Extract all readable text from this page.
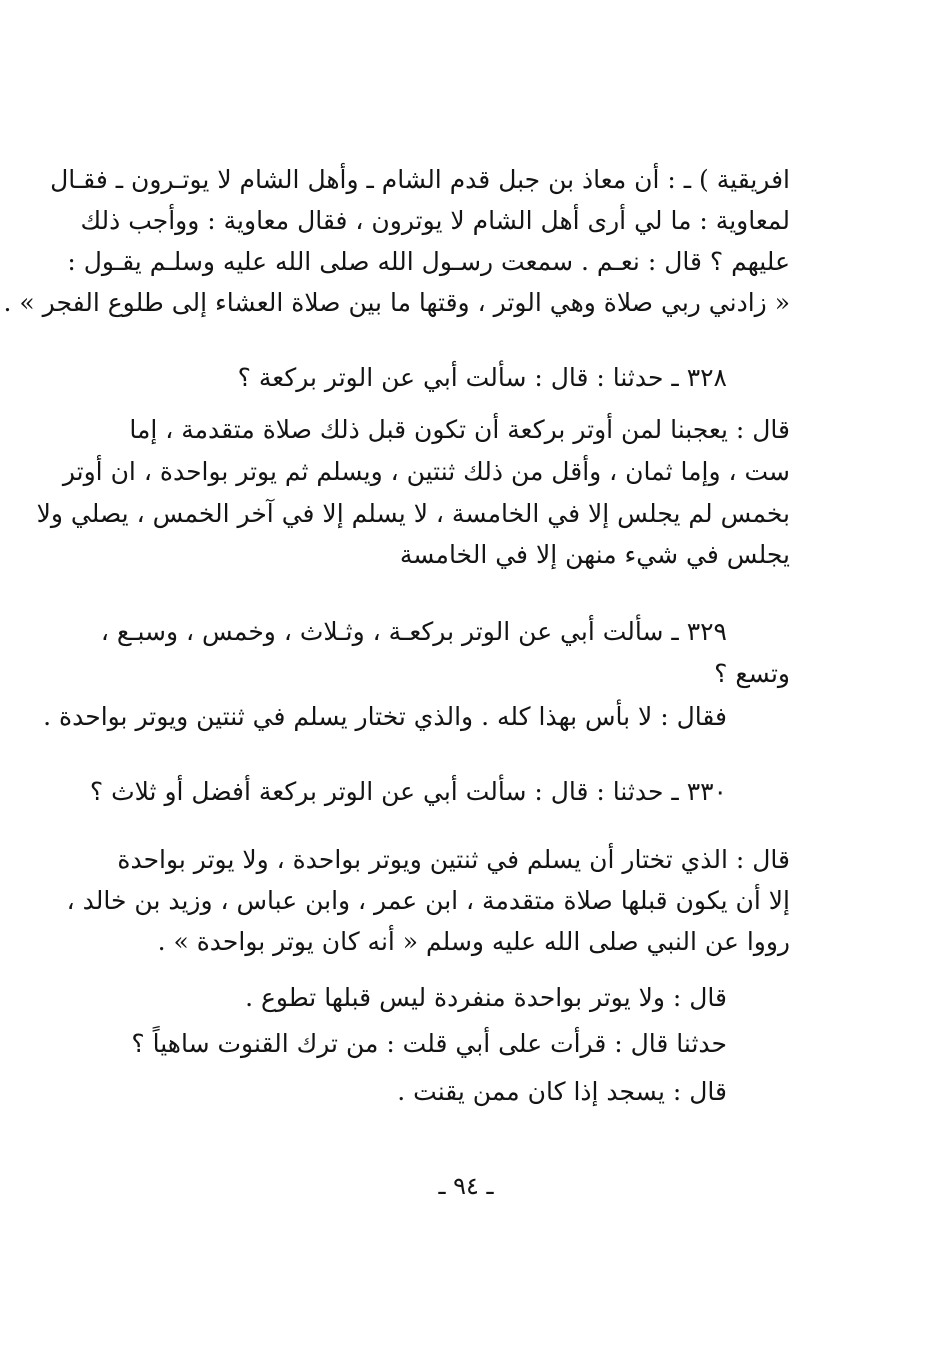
افريقية ) ـ : أن معاذ بن جبل قدم الشام ـ وأهل الشام لا يوتـرون ـ فقـال
لمعاوية : ما لي أرى أهل الشام لا يوترون ، فقال معاوية : ووأجب ذلك
عليهم ؟ قال : نعـم . سمعت رسـول الله صلى الله عليه وسلـم يقـول :
« زادني ربي صلاة وهي الوتر ، وقتها ما بين صلاة العشاء إلى طلوع الفجر » .
٣٢٨ ـ حدثنا : قال : سألت أبي عن الوتر بركعة ؟
قال : يعجبنا لمن أوتر بركعة أن تكون قبل ذلك صلاة متقدمة ، إما
ست ، وإما ثمان ، وأقل من ذلك ثنتين ، ويسلم ثم يوتر بواحدة ، ان أوتر
بخمس لم يجلس إلا في الخامسة ، لا يسلم إلا في آخر الخمس ، يصلي ولا
يجلس في شيء منهن إلا في الخامسة
٣٢٩ ـ سألت أبي عن الوتر بركعـة ، وثـلاث ، وخمس ، وسبـع ،
وتسع ؟
فقال : لا بأس بهذا كله . والذي تختار يسلم في ثنتين ويوتر بواحدة .
٣٣٠ ـ حدثنا : قال : سألت أبي عن الوتر بركعة أفضل أو ثلاث ؟
قال : الذي تختار أن يسلم في ثنتين ويوتر بواحدة ، ولا يوتر بواحدة
إلا أن يكون قبلها صلاة متقدمة ، ابن عمر ، وابن عباس ، وزيد بن خالد ،
رووا عن النبي صلى الله عليه وسلم « أنه كان يوتر بواحدة » .
قال : ولا يوتر بواحدة منفردة ليس قبلها تطوع .
حدثنا قال : قرأت على أبي قلت : من ترك القنوت ساهياً ؟
قال : يسجد إذا كان ممن يقنت .
ـ ٩٤ ـ
